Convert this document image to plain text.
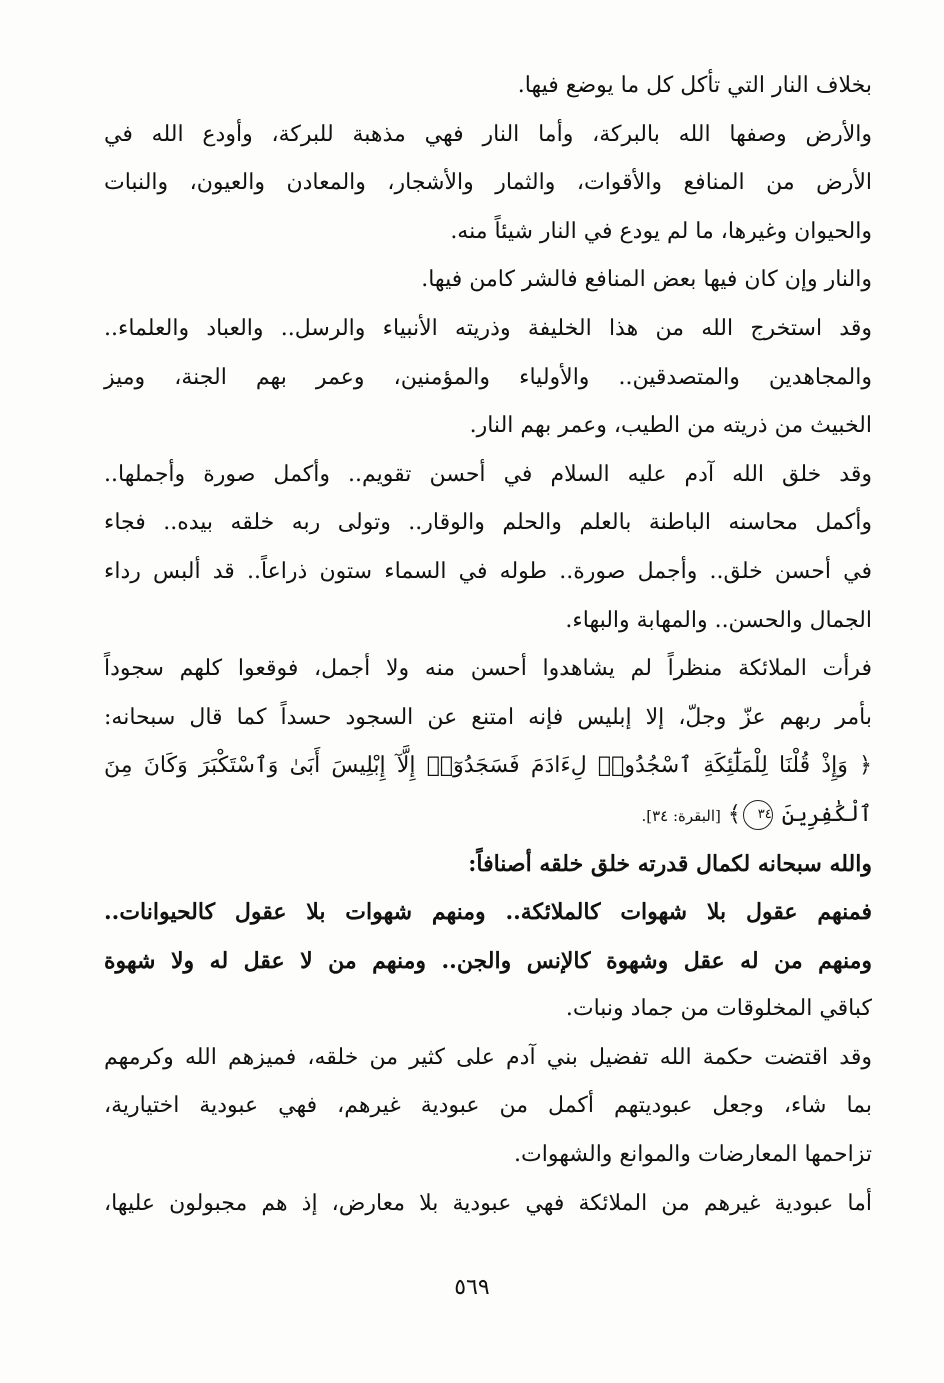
بخلاف النار التي تأكل كل ما يوضع فيها.
والأرض وصفها الله بالبركة، وأما النار فهي مذهبة للبركة، وأودع الله في
الأرض من المنافع والأقوات، والثمار والأشجار، والمعادن والعيون، والنبات
والحيوان وغيرها، ما لم يودع في النار شيئاً منه.
والنار وإن كان فيها بعض المنافع فالشر كامن فيها.
وقد استخرج الله من هذا الخليفة وذريته الأنبياء والرسل.. والعباد والعلماء..
والمجاهدين والمتصدقين.. والأولياء والمؤمنين، وعمر بهم الجنة، وميز
الخبيث من ذريته من الطيب، وعمر بهم النار.
وقد خلق الله آدم عليه السلام في أحسن تقويم.. وأكمل صورة وأجملها..
وأكمل محاسنه الباطنة بالعلم والحلم والوقار.. وتولى ربه خلقه بيده.. فجاء
في أحسن خلق.. وأجمل صورة.. طوله في السماء ستون ذراعاً.. قد ألبس رداء
الجمال والحسن.. والمهابة والبهاء.
فرأت الملائكة منظراً لم يشاهدوا أحسن منه ولا أجمل، فوقعوا كلهم سجوداً
بأمر ربهم عزّ وجلّ، إلا إبليس فإنه امتنع عن السجود حسداً كما قال سبحانه:
﴿ وَإِذْ قُلْنَا لِلْمَلَٰٓئِكَةِ ٱسْجُدُوا۟ لِءَادَمَ فَسَجَدُوٓا۟ إِلَّآ إِبْلِيسَ أَبَىٰ وَٱسْتَكْبَرَ وَكَانَ مِنَ
ٱلْكَٰفِرِينَ ٣٤﴾ [البقرة: ٣٤].
والله سبحانه لكمال قدرته خلق خلقه أصنافاً:
فمنهم عقول بلا شهوات كالملائكة.. ومنهم شهوات بلا عقول كالحيوانات..
ومنهم من له عقل وشهوة كالإنس والجن.. ومنهم من لا عقل له ولا شهوة
كباقي المخلوقات من جماد ونبات.
وقد اقتضت حكمة الله تفضيل بني آدم على كثير من خلقه، فميزهم الله وكرمهم
بما شاء، وجعل عبوديتهم أكمل من عبودية غيرهم، فهي عبودية اختيارية،
تزاحمها المعارضات والموانع والشهوات.
أما عبودية غيرهم من الملائكة فهي عبودية بلا معارض، إذ هم مجبولون عليها،
٥٦٩
